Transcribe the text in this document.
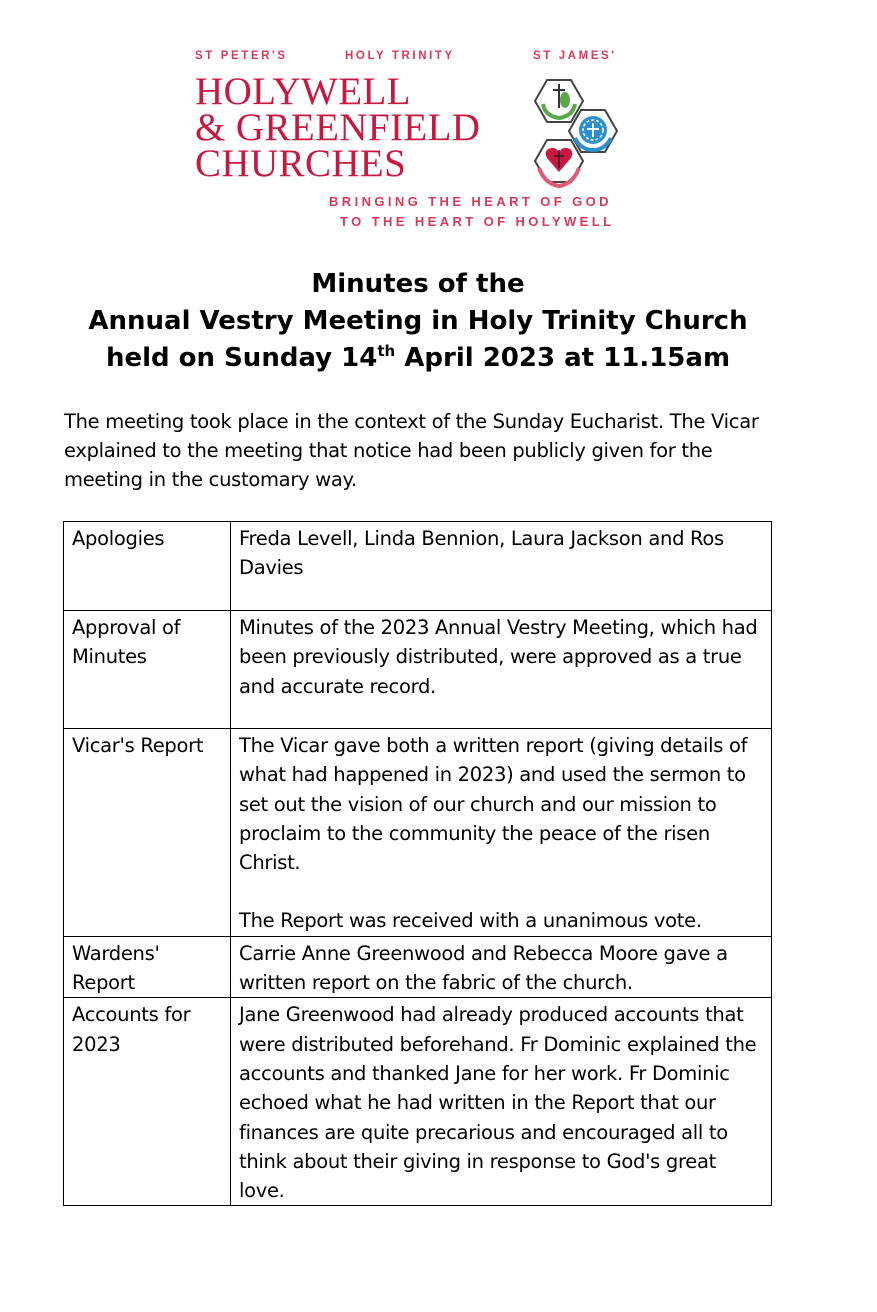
ST PETER'S	HOLY TRINITY	ST JAMES'
HOLYWELL
& GREENFIELD
CHURCHES
BRINGING THE HEART OF GOD
TO THE HEART OF HOLYWELL
Minutes of the
Annual Vestry Meeting in Holy Trinity Church
held on Sunday 14th April 2023 at 11.15am
The meeting took place in the context of the Sunday Eucharist. The Vicar explained to the meeting that notice had been publicly given for the meeting in the customary way.
Apologies	Freda Levell, Linda Bennion, Laura Jackson and Ros Davies
Approval of Minutes	Minutes of the 2023 Annual Vestry Meeting, which had been previously distributed, were approved as a true and accurate record.
Vicar's Report	The Vicar gave both a written report (giving details of what had happened in 2023) and used the sermon to set out the vision of our church and our mission to proclaim to the community the peace of the risen Christ.
The Report was received with a unanimous vote.

Wardens' Report	Carrie Anne Greenwood and Rebecca Moore gave a written report on the fabric of the church.
Accounts for 2023	Jane Greenwood had already produced accounts that were distributed beforehand. Fr Dominic explained the accounts and thanked Jane for her work. Fr Dominic echoed what he had written in the Report that our finances are quite precarious and encouraged all to think about their giving in response to God's great love.
